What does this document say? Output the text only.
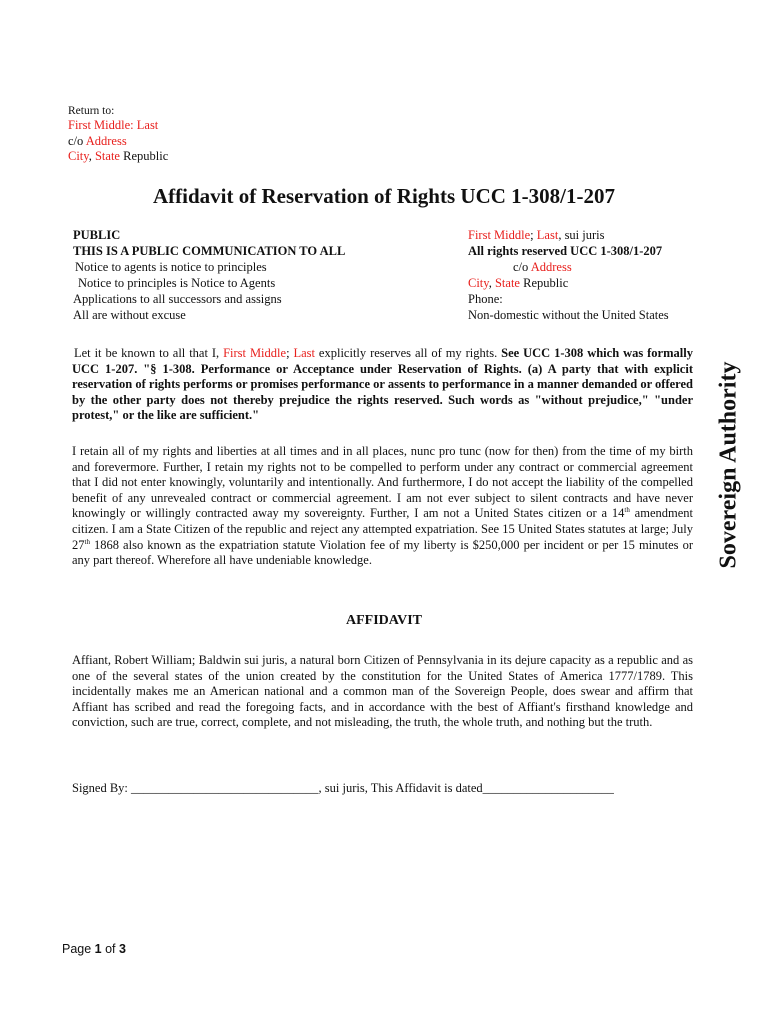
Return to:
First Middle: Last
c/o Address
City, State Republic
Affidavit of Reservation of Rights UCC 1-308/1-207
PUBLIC
THIS IS A PUBLIC COMMUNICATION TO ALL
Notice to agents is notice to principles
Notice to principles is Notice to Agents
Applications to all successors and assigns
All are without excuse
First Middle; Last, sui juris
All rights reserved UCC 1-308/1-207
c/o Address
City, State Republic
Phone:
Non-domestic without the United States
Let it be known to all that I, First Middle; Last explicitly reserves all of my rights. See UCC 1-308 which was formally UCC 1-207. "§ 1-308. Performance or Acceptance under Reservation of Rights. (a) A party that with explicit reservation of rights performs or promises performance or assents to performance in a manner demanded or offered by the other party does not thereby prejudice the rights reserved. Such words as "without prejudice," "under protest," or the like are sufficient."
I retain all of my rights and liberties at all times and in all places, nunc pro tunc (now for then) from the time of my birth and forevermore. Further, I retain my rights not to be compelled to perform under any contract or commercial agreement that I did not enter knowingly, voluntarily and intentionally. And furthermore, I do not accept the liability of the compelled benefit of any unrevealed contract or commercial agreement. I am not ever subject to silent contracts and have never knowingly or willingly contracted away my sovereignty. Further, I am not a United States citizen or a 14th amendment citizen. I am a State Citizen of the republic and reject any attempted expatriation. See 15 United States statutes at large; July 27th 1868 also known as the expatriation statute Violation fee of my liberty is $250,000 per incident or per 15 minutes or any part thereof. Wherefore all have undeniable knowledge.
AFFIDAVIT
Affiant, Robert William; Baldwin sui juris, a natural born Citizen of Pennsylvania in its dejure capacity as a republic and as one of the several states of the union created by the constitution for the United States of America 1777/1789. This incidentally makes me an American national and a common man of the Sovereign People, does swear and affirm that Affiant has scribed and read the foregoing facts, and in accordance with the best of Affiant's firsthand knowledge and conviction, such are true, correct, complete, and not misleading, the truth, the whole truth, and nothing but the truth.
Signed By: ______________________________, sui juris, This Affidavit is dated_____________________
Sovereign Authority
Page 1 of 3
